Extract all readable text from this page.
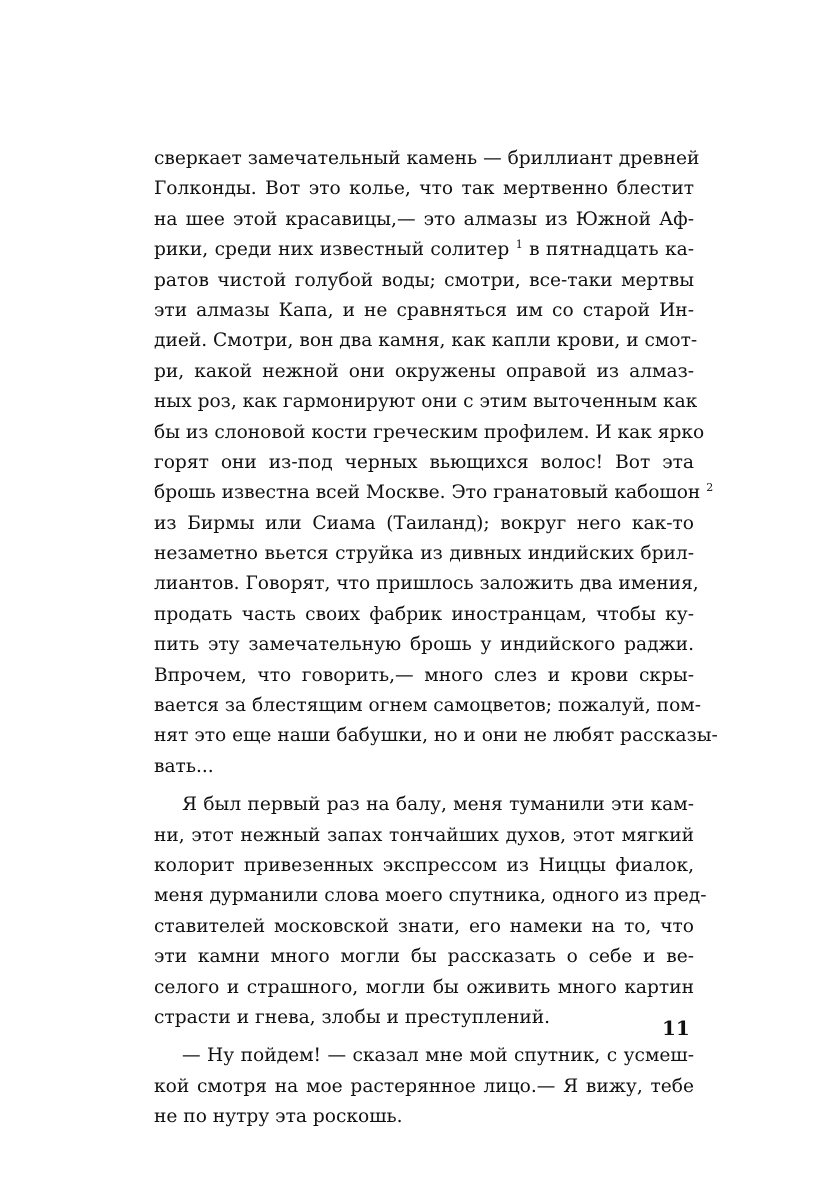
сверкает замечательный камень — бриллиант древней
Голконды. Вот это колье, что так мертвенно блестит
на шее этой красавицы,— это алмазы из Южной Аф-
рики, среди них известный солитер $^1$ в пятнадцать ка-
ратов чистой голубой воды; смотри, все-таки мертвы
эти алмазы Капа, и не сравняться им со старой Ин-
дией. Смотри, вон два камня, как капли крови, и смот-
ри, какой нежной они окружены оправой из алмаз-
ных роз, как гармонируют они с этим выточенным как
бы из слоновой кости греческим профилем. И как ярко
горят они из-под черных вьющихся волос! Вот эта
брошь известна всей Москве. Это гранатовый кабошон $^2$
из Бирмы или Сиама (Таиланд); вокруг него как-то
незаметно вьется струйка из дивных индийских брил-
лиантов. Говорят, что пришлось заложить два имения,
продать часть своих фабрик иностранцам, чтобы ку-
пить эту замечательную брошь у индийского раджи.
Впрочем, что говорить,— много слез и крови скры-
вается за блестящим огнем самоцветов; пожалуй, пом-
нят это еще наши бабушки, но и они не любят рассказы-
вать...
Я был первый раз на балу, меня туманили эти кам-
ни, этот нежный запах тончайших духов, этот мягкий
колорит привезенных экспрессом из Ниццы фиалок,
меня дурманили слова моего спутника, одного из пред-
ставителей московской знати, его намеки на то, что
эти камни много могли бы рассказать о себе и ве-
селого и страшного, могли бы оживить много картин
страсти и гнева, злобы и преступлений.
— Ну пойдем! — сказал мне мой спутник, с усмеш-
кой смотря на мое растерянное лицо.— Я вижу, тебе
не по нутру эта роскошь.
11
